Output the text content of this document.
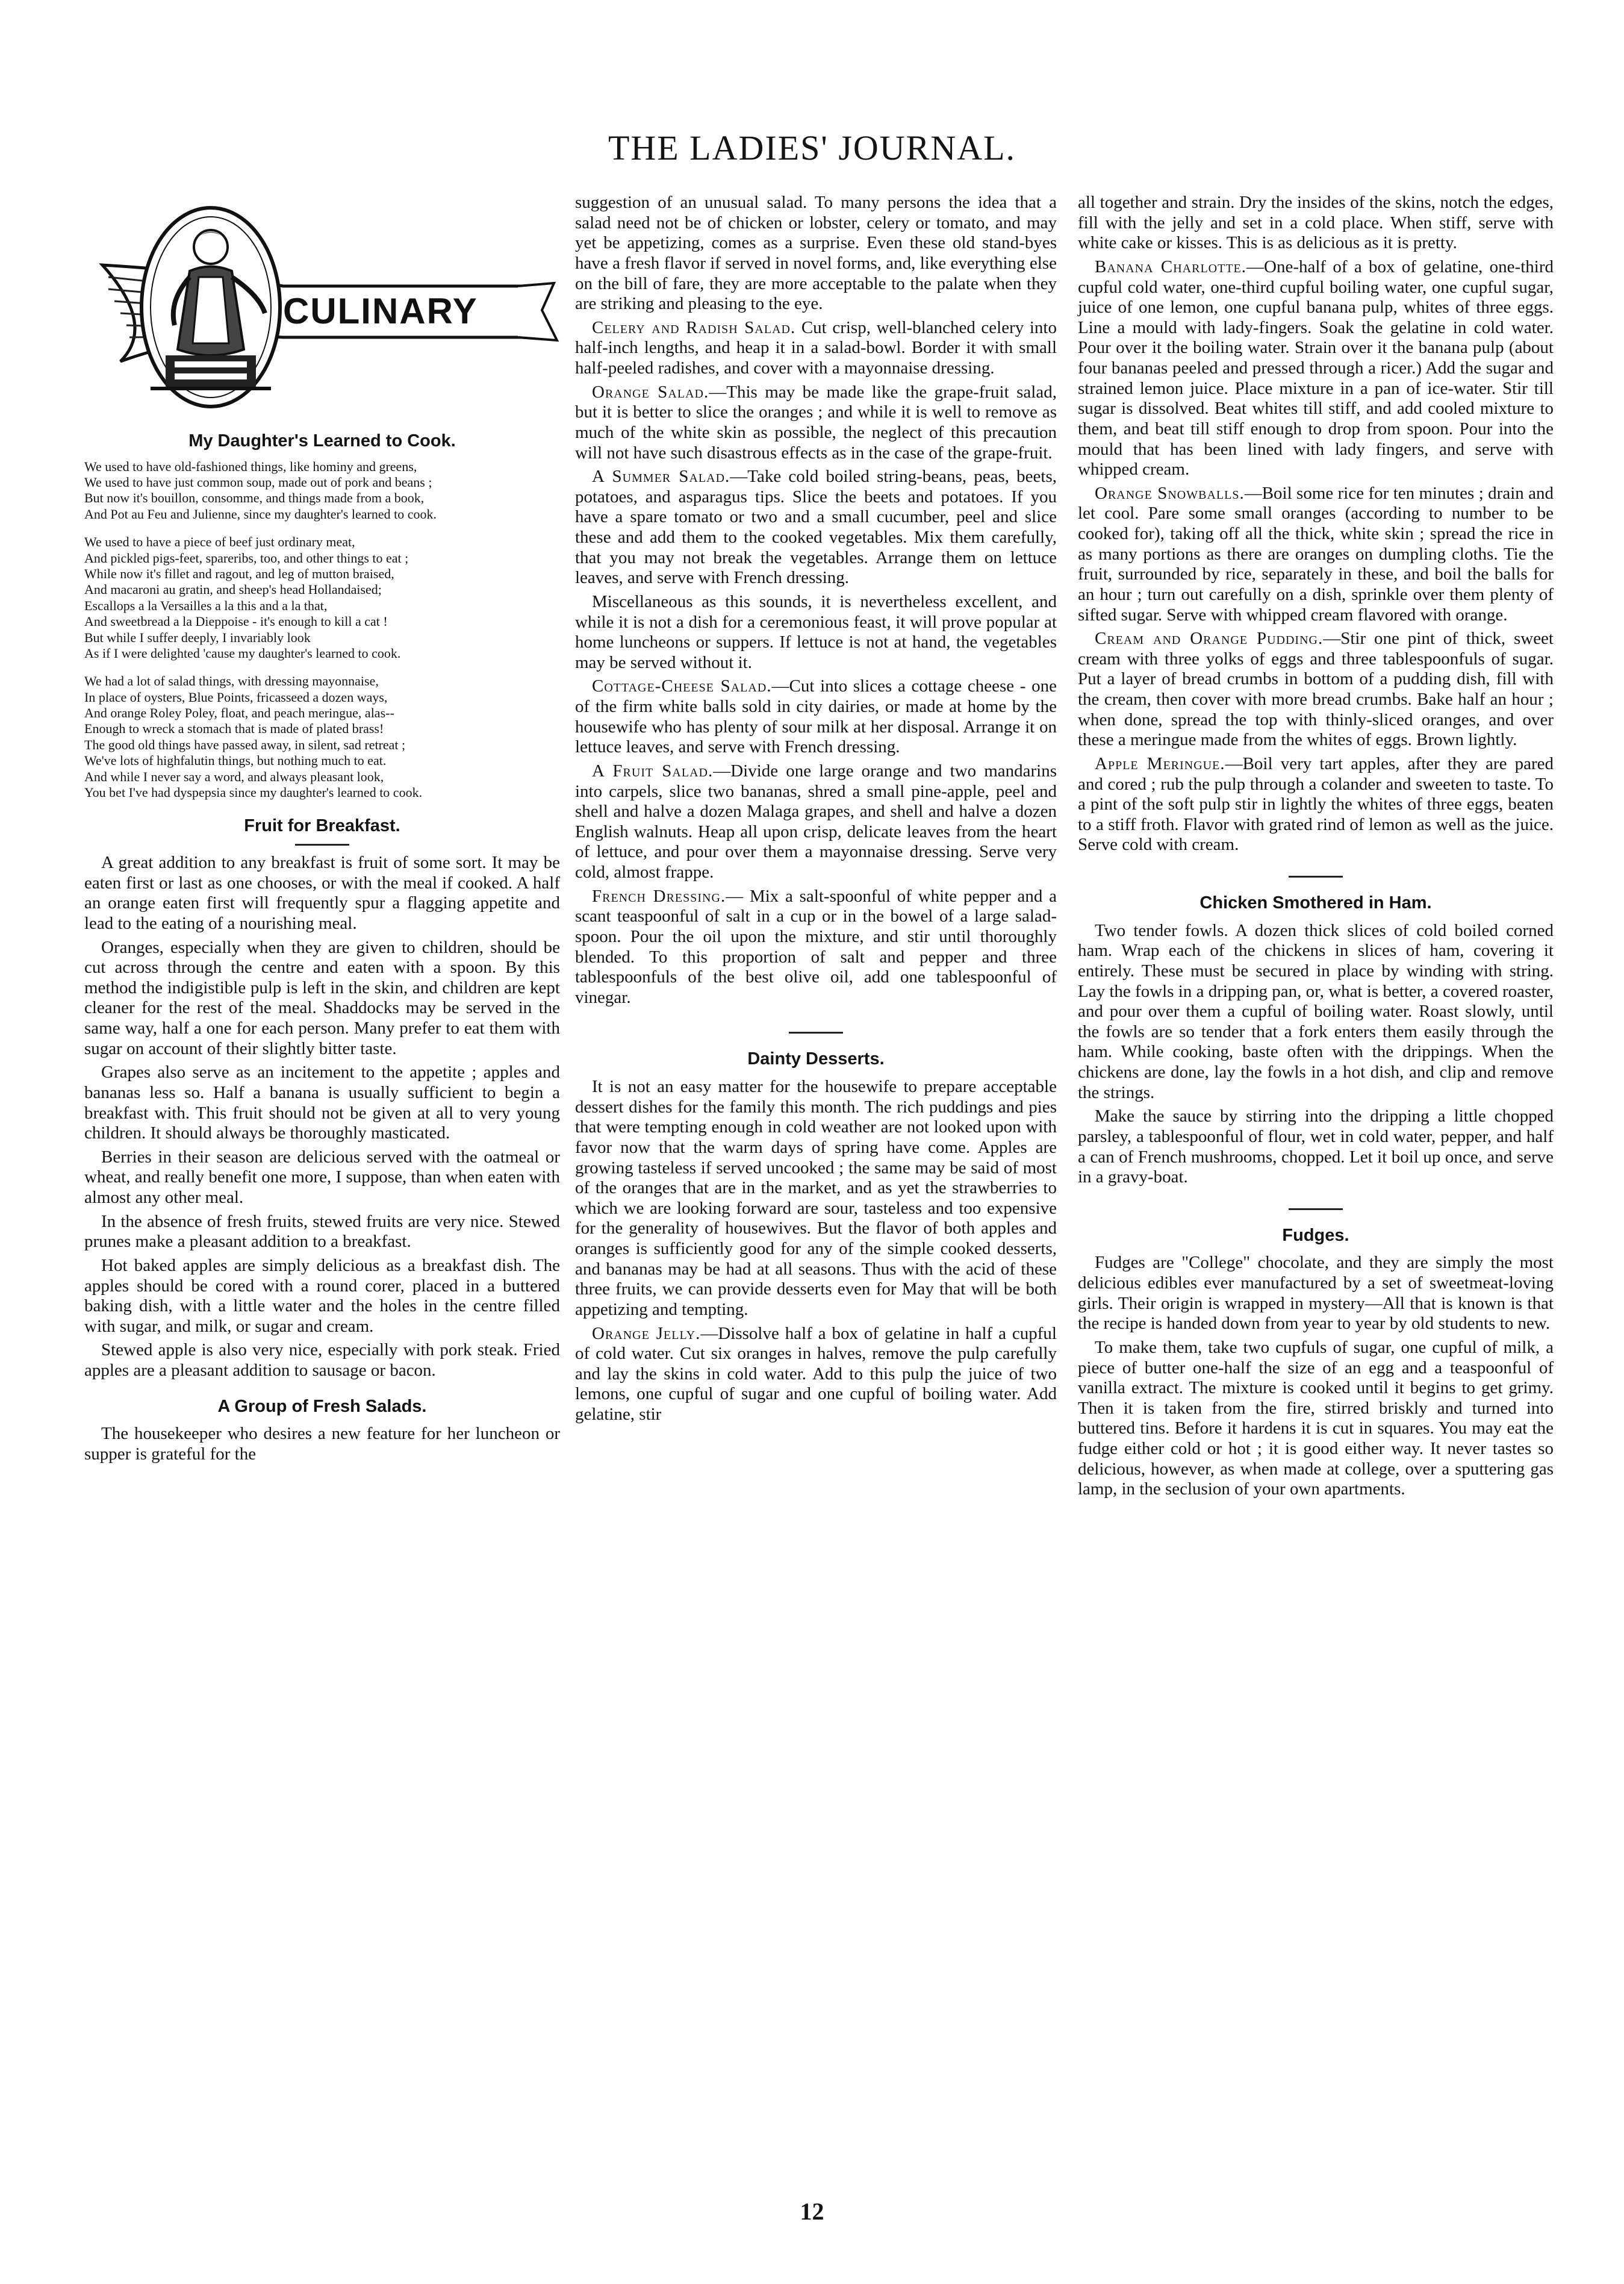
THE LADIES' JOURNAL.
CULINARY
My Daughter's Learned to Cook.

We used to have old-fashioned things, like hominy and greens,

We used to have just common soup, made out of pork and beans ;

But now it's bouillon, consomme, and things made from a book,

And Pot au Feu and Julienne, since my daughter's learned to cook.

We used to have a piece of beef just ordinary meat,

And pickled pigs-feet, spareribs, too, and other things to eat ;

While now it's fillet and ragout, and leg of mutton braised,

And macaroni au gratin, and sheep's head Hollandaised;

Escallops a la Versailles a la this and a la that,

And sweetbread a la Dieppoise - it's enough to kill a cat !

But while I suffer deeply, I invariably look

As if I were delighted 'cause my daughter's learned to cook.

We had a lot of salad things, with dressing mayonnaise,

In place of oysters, Blue Points, fricasseed a dozen ways,

And orange Roley Poley, float, and peach meringue, alas--

Enough to wreck a stomach that is made of plated brass!

The good old things have passed away, in silent, sad retreat ;

We've lots of highfalutin things, but nothing much to eat.

And while I never say a word, and always pleasant look,

You bet I've had dyspepsia since my daughter's learned to cook.

Fruit for Breakfast.

A great addition to any breakfast is fruit of some sort. It may be eaten first or last as one chooses, or with the meal if cooked. A half an orange eaten first will frequently spur a flagging appetite and lead to the eating of a nourishing meal.

Oranges, especially when they are given to children, should be cut across through the centre and eaten with a spoon. By this method the indigistible pulp is left in the skin, and children are kept cleaner for the rest of the meal. Shaddocks may be served in the same way, half a one for each person. Many prefer to eat them with sugar on account of their slightly bitter taste.

Grapes also serve as an incitement to the appetite ; apples and bananas less so. Half a banana is usually sufficient to begin a breakfast with. This fruit should not be given at all to very young children. It should always be thoroughly masticated.

Berries in their season are delicious served with the oatmeal or wheat, and really benefit one more, I suppose, than when eaten with almost any other meal.

In the absence of fresh fruits, stewed fruits are very nice. Stewed prunes make a pleasant addition to a breakfast.

Hot baked apples are simply delicious as a breakfast dish. The apples should be cored with a round corer, placed in a buttered baking dish, with a little water and the holes in the centre filled with sugar, and milk, or sugar and cream.

Stewed apple is also very nice, especially with pork steak. Fried apples are a pleasant addition to sausage or bacon.

A Group of Fresh Salads.

The housekeeper who desires a new feature for her luncheon or supper is grateful for the

suggestion of an unusual salad. To many persons the idea that a salad need not be of chicken or lobster, celery or tomato, and may yet be appetizing, comes as a surprise. Even these old stand-byes have a fresh flavor if served in novel forms, and, like everything else on the bill of fare, they are more acceptable to the palate when they are striking and pleasing to the eye.

Celery and Radish Salad. Cut crisp, well-blanched celery into half-inch lengths, and heap it in a salad-bowl. Border it with small half-peeled radishes, and cover with a mayonnaise dressing.

Orange Salad.—This may be made like the grape-fruit salad, but it is better to slice the oranges ; and while it is well to remove as much of the white skin as possible, the neglect of this precaution will not have such disastrous effects as in the case of the grape-fruit.

A Summer Salad.—Take cold boiled string-beans, peas, beets, potatoes, and asparagus tips. Slice the beets and potatoes. If you have a spare tomato or two and a small cucumber, peel and slice these and add them to the cooked vegetables. Mix them carefully, that you may not break the vegetables. Arrange them on lettuce leaves, and serve with French dressing.

Miscellaneous as this sounds, it is nevertheless excellent, and while it is not a dish for a ceremonious feast, it will prove popular at home luncheons or suppers. If lettuce is not at hand, the vegetables may be served without it.

Cottage-Cheese Salad.—Cut into slices a cottage cheese - one of the firm white balls sold in city dairies, or made at home by the housewife who has plenty of sour milk at her disposal. Arrange it on lettuce leaves, and serve with French dressing.

A Fruit Salad.—Divide one large orange and two mandarins into carpels, slice two bananas, shred a small pine-apple, peel and shell and halve a dozen Malaga grapes, and shell and halve a dozen English walnuts. Heap all upon crisp, delicate leaves from the heart of lettuce, and pour over them a mayonnaise dressing. Serve very cold, almost frappe.

French Dressing.— Mix a salt-spoonful of white pepper and a scant teaspoonful of salt in a cup or in the bowel of a large salad-spoon. Pour the oil upon the mixture, and stir until thoroughly blended. To this proportion of salt and pepper and three tablespoonfuls of the best olive oil, add one tablespoonful of vinegar.

Dainty Desserts.

It is not an easy matter for the housewife to prepare acceptable dessert dishes for the family this month. The rich puddings and pies that were tempting enough in cold weather are not looked upon with favor now that the warm days of spring have come. Apples are growing tasteless if served uncooked ; the same may be said of most of the oranges that are in the market, and as yet the strawberries to which we are looking forward are sour, tasteless and too expensive for the generality of housewives. But the flavor of both apples and oranges is sufficiently good for any of the simple cooked desserts, and bananas may be had at all seasons. Thus with the acid of these three fruits, we can provide desserts even for May that will be both appetizing and tempting.

Orange Jelly.—Dissolve half a box of gelatine in half a cupful of cold water. Cut six oranges in halves, remove the pulp carefully and lay the skins in cold water. Add to this pulp the juice of two lemons, one cupful of sugar and one cupful of boiling water. Add gelatine, stir

all together and strain. Dry the insides of the skins, notch the edges, fill with the jelly and set in a cold place. When stiff, serve with white cake or kisses. This is as delicious as it is pretty.

Banana Charlotte.—One-half of a box of gelatine, one-third cupful cold water, one-third cupful boiling water, one cupful sugar, juice of one lemon, one cupful banana pulp, whites of three eggs. Line a mould with lady-fingers. Soak the gelatine in cold water. Pour over it the boiling water. Strain over it the banana pulp (about four bananas peeled and pressed through a ricer.) Add the sugar and strained lemon juice. Place mixture in a pan of ice-water. Stir till sugar is dissolved. Beat whites till stiff, and add cooled mixture to them, and beat till stiff enough to drop from spoon. Pour into the mould that has been lined with lady fingers, and serve with whipped cream.

Orange Snowballs.—Boil some rice for ten minutes ; drain and let cool. Pare some small oranges (according to number to be cooked for), taking off all the thick, white skin ; spread the rice in as many portions as there are oranges on dumpling cloths. Tie the fruit, surrounded by rice, separately in these, and boil the balls for an hour ; turn out carefully on a dish, sprinkle over them plenty of sifted sugar. Serve with whipped cream flavored with orange.

Cream and Orange Pudding.—Stir one pint of thick, sweet cream with three yolks of eggs and three tablespoonfuls of sugar. Put a layer of bread crumbs in bottom of a pudding dish, fill with the cream, then cover with more bread crumbs. Bake half an hour ; when done, spread the top with thinly-sliced oranges, and over these a meringue made from the whites of eggs. Brown lightly.

Apple Meringue.—Boil very tart apples, after they are pared and cored ; rub the pulp through a colander and sweeten to taste. To a pint of the soft pulp stir in lightly the whites of three eggs, beaten to a stiff froth. Flavor with grated rind of lemon as well as the juice. Serve cold with cream.

Chicken Smothered in Ham.

Two tender fowls. A dozen thick slices of cold boiled corned ham. Wrap each of the chickens in slices of ham, covering it entirely. These must be secured in place by winding with string. Lay the fowls in a dripping pan, or, what is better, a covered roaster, and pour over them a cupful of boiling water. Roast slowly, until the fowls are so tender that a fork enters them easily through the ham. While cooking, baste often with the drippings. When the chickens are done, lay the fowls in a hot dish, and clip and remove the strings.

Make the sauce by stirring into the dripping a little chopped parsley, a tablespoonful of flour, wet in cold water, pepper, and half a can of French mushrooms, chopped. Let it boil up once, and serve in a gravy-boat.

Fudges.

Fudges are "College" chocolate, and they are simply the most delicious edibles ever manufactured by a set of sweetmeat-loving girls. Their origin is wrapped in mystery—All that is known is that the recipe is handed down from year to year by old students to new.

To make them, take two cupfuls of sugar, one cupful of milk, a piece of butter one-half the size of an egg and a teaspoonful of vanilla extract. The mixture is cooked until it begins to get grimy. Then it is taken from the fire, stirred briskly and turned into buttered tins. Before it hardens it is cut in squares. You may eat the fudge either cold or hot ; it is good either way. It never tastes so delicious, however, as when made at college, over a sputtering gas lamp, in the seclusion of your own apartments.

12
